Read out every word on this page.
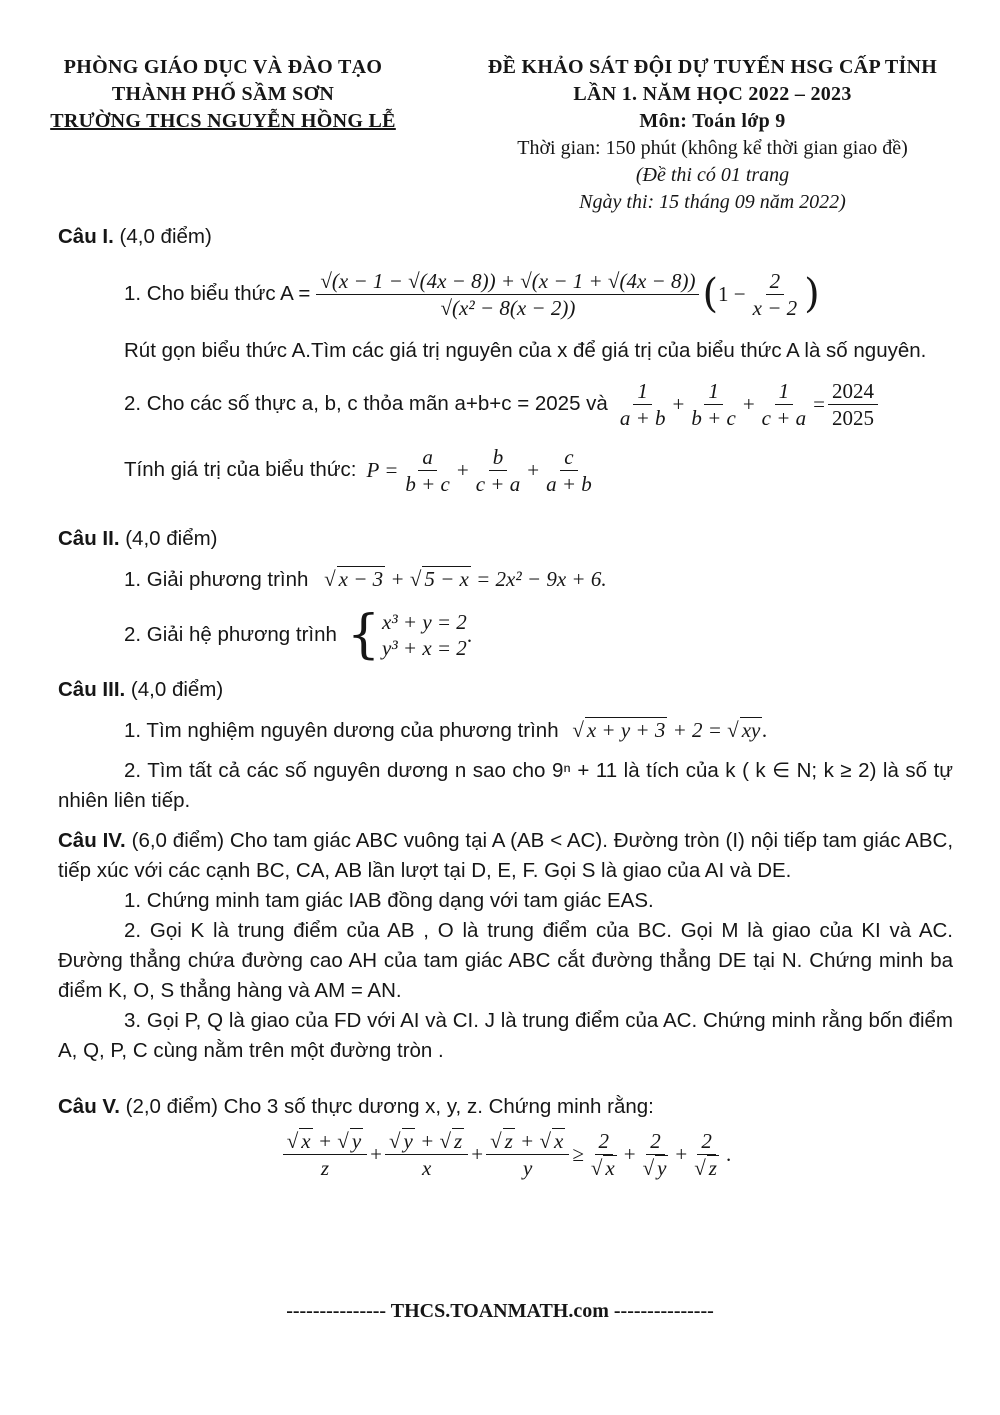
PHÒNG GIÁO DỤC VÀ ĐÀO TẠO
THÀNH PHỐ SẦM SƠN
TRƯỜNG THCS NGUYỄN HỒNG LỄ
ĐỀ KHẢO SÁT ĐỘI DỰ TUYỂN HSG CẤP TỈNH
LẦN 1. NĂM HỌC 2022 – 2023
Môn: Toán lớp 9
Thời gian: 150 phút (không kể thời gian giao đề)
(Đề thi có 01 trang
Ngày thi: 15 tháng 09 năm 2022)
Câu I. (4,0 điểm)
1. Cho biểu thức $A = \frac{√(x - 1 - √(4x - 8)) + √(x - 1 + √(4x - 8))}{\text{√(x² − 8(x − 2))}}$ ( $1 - \frac{2}{x - 2}$ )
Rút gọn biểu thức A.Tìm các giá trị nguyên của x để giá trị của biểu thức A là số nguyên.
2. Cho các số thực a, b, c thỏa mãn a+b+c = 2025 và $\frac{1}{a + b} + \frac{1}{b + c} + \frac{1}{c + a} = \frac{2024}{2025}$
Tính giá trị của biểu thức: $P = \frac{a}{b + c} + \frac{b}{c + a} + \frac{c}{a + b}$
Câu II. (4,0 điểm)
1. Giải phương trình √ x − 3 + √ 5 − x = 2x² − 9x + 6.
2. Giải hệ phương trình { x³ + y = 2
y³ + x = 2
.
Câu III. (4,0 điểm)
1. Tìm nghiệm nguyên dương của phương trình √ x + y + 3 + 2 = √ xy.
2. Tìm tất cả các số nguyên dương n sao cho 9ⁿ + 11 là tích của k ( k ∈ N; k ≥ 2) là số tự nhiên liên tiếp.
Câu IV. (6,0 điểm) Cho tam giác ABC vuông tại A (AB < AC). Đường tròn (I) nội tiếp tam giác ABC, tiếp xúc với các cạnh BC, CA, AB lần lượt tại D, E, F. Gọi S là giao của AI và DE.
1. Chứng minh tam giác IAB đồng dạng với tam giác EAS.
2. Gọi K là trung điểm của AB , O là trung điểm của BC. Gọi M là giao của KI và AC. Đường thẳng chứa đường cao AH của tam giác ABC cắt đường thẳng DE tại N. Chứng minh ba điểm K, O, S thẳng hàng và AM = AN.
3. Gọi P, Q là giao của FD với AI và CI. J là trung điểm của AC. Chứng minh rằng bốn điểm A, Q, P, C cùng nằm trên một đường tròn .
Câu V. (2,0 điểm) Cho 3 số thực dương x, y, z. Chứng minh rằng:
$\frac{√ x + √ y}{z} + \frac{√ y + √ z}{x} + \frac{√ z + √ x}{y} \ge \frac{2}{√ x} + \frac{2}{√ y} + \frac{2}{√ z}$ .
--------------- THCS.TOANMATH.com ---------------
